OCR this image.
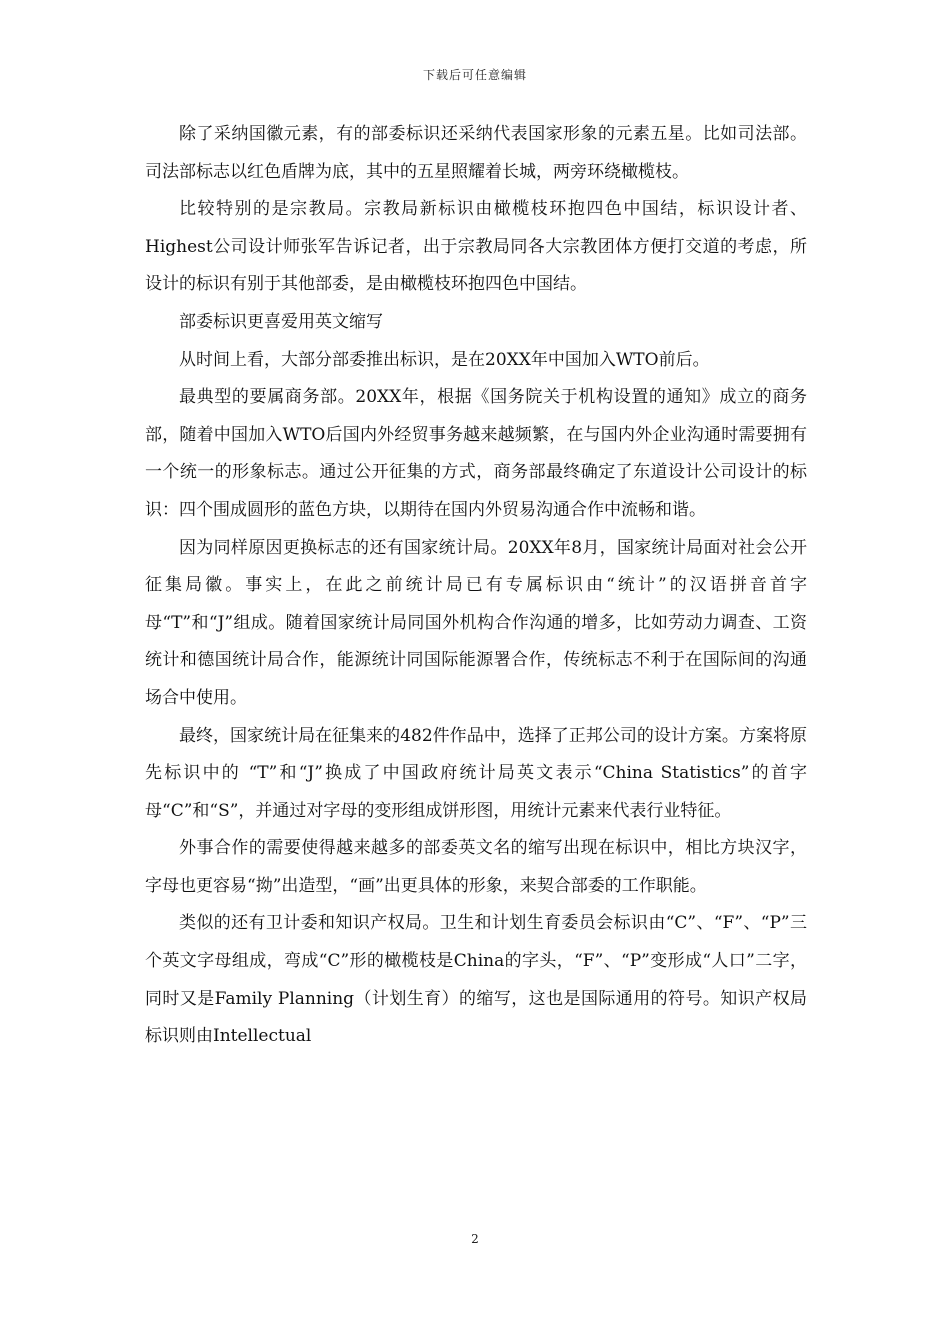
下载后可任意编辑

除了采纳国徽元素，有的部委标识还采纳代表国家形象的元素五星。比如司法部。司法部标志以红色盾牌为底，其中的五星照耀着长城，两旁环绕橄榄枝。

比较特别的是宗教局。宗教局新标识由橄榄枝环抱四色中国结，标识设计者、Highest公司设计师张军告诉记者，出于宗教局同各大宗教团体方便打交道的考虑，所设计的标识有别于其他部委，是由橄榄枝环抱四色中国结。

部委标识更喜爱用英文缩写

从时间上看，大部分部委推出标识，是在20XX年中国加入WTO前后。

最典型的要属商务部。20XX年，根据《国务院关于机构设置的通知》成立的商务部，随着中国加入WTO后国内外经贸事务越来越频繁，在与国内外企业沟通时需要拥有一个统一的形象标志。通过公开征集的方式，商务部最终确定了东道设计公司设计的标识：四个围成圆形的蓝色方块，以期待在国内外贸易沟通合作中流畅和谐。

因为同样原因更换标志的还有国家统计局。20XX年8月，国家统计局面对社会公开征集局徽。事实上，在此之前统计局已有专属标识由“统计”的汉语拼音首字母“T”和“J”组成。随着国家统计局同国外机构合作沟通的增多，比如劳动力调查、工资统计和德国统计局合作，能源统计同国际能源署合作，传统标志不利于在国际间的沟通场合中使用。

最终，国家统计局在征集来的482件作品中，选择了正邦公司的设计方案。方案将原先标识中的 “T”和“J”换成了中国政府统计局英文表示“China Statistics”的首字母“C”和“S”，并通过对字母的变形组成饼形图，用统计元素来代表行业特征。

外事合作的需要使得越来越多的部委英文名的缩写出现在标识中，相比方块汉字，字母也更容易“拗”出造型，“画”出更具体的形象，来契合部委的工作职能。

类似的还有卫计委和知识产权局。卫生和计划生育委员会标识由“C”、“F”、“P”三个英文字母组成，弯成“C”形的橄榄枝是China的字头，“F”、“P”变形成“人口”二字，同时又是Family Planning（计划生育）的缩写，这也是国际通用的符号。知识产权局标识则由Intellectual

2
